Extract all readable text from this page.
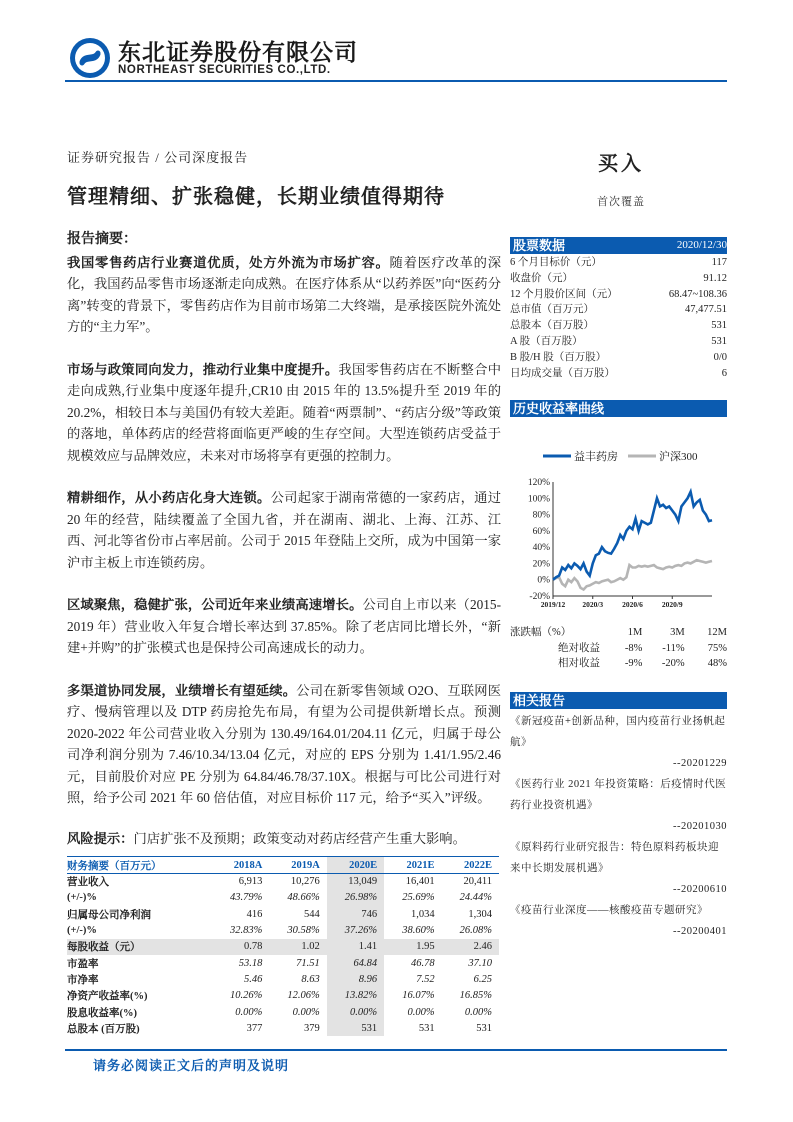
东北证券股份有限公司
NORTHEAST SECURITIES CO.,LTD.
证券研究报告 / 公司深度报告	买入
管理精细、扩张稳健，长期业绩值得期待	首次覆盖
报告摘要：

我国零售药店行业赛道优质，处方外流为市场扩容。随着医疗改革的深化，我国药品零售市场逐渐走向成熟。在医疗体系从“以药养医”向“医药分离”转变的背景下，零售药店作为目前市场第二大终端，是承接医院外流处方的“主力军”。

市场与政策同向发力，推动行业集中度提升。我国零售药店在不断整合中走向成熟,行业集中度逐年提升,CR10 由 2015 年的 13.5%提升至 2019 年的 20.2%，相较日本与美国仍有较大差距。随着“两票制”、“药店分级”等政策的落地，单体药店的经营将面临更严峻的生存空间。大型连锁药店受益于规模效应与品牌效应，未来对市场将享有更强的控制力。

精耕细作，从小药店化身大连锁。公司起家于湖南常德的一家药店，通过 20 年的经营，陆续覆盖了全国九省，并在湖南、湖北、上海、江苏、江西、河北等省份市占率居前。公司于 2015 年登陆上交所，成为中国第一家沪市主板上市连锁药房。

区域聚焦，稳健扩张，公司近年来业绩高速增长。公司自上市以来（2015-2019 年）营业收入年复合增长率达到 37.85%。除了老店同比增长外，“新建+并购”的扩张模式也是保持公司高速成长的动力。

多渠道协同发展，业绩增长有望延续。公司在新零售领域 O2O、互联网医疗、慢病管理以及 DTP 药房抢先布局，有望为公司提供新增长点。预测 2020-2022 年公司营业收入分别为 130.49/164.01/204.11 亿元，归属于母公司净利润分别为 7.46/10.34/13.04 亿元，对应的 EPS 分别为 1.41/1.95/2.46 元，目前股价对应 PE 分别为 64.84/46.78/37.10X。根据与可比公司进行对照，给予公司 2021 年 60 倍估值，对应目标价 117 元，给予“买入”评级。

风险提示：门店扩张不及预期；政策变动对药店经营产生重大影响。
财务摘要（百万元）	2018A	2019A	2020E	2021E	2022E
营业收入	6,913	10,276	13,049	16,401	20,411
(+/-)%	43.79%	48.66%	26.98%	25.69%	24.44%
归属母公司净利润	416	544	746	1,034	1,304
(+/-)%	32.83%	30.58%	37.26%	38.60%	26.08%
每股收益（元）	0.78	1.02	1.41	1.95	2.46
市盈率	53.18	71.51	64.84	46.78	37.10
市净率	5.46	8.63	8.96	7.52	6.25
净资产收益率(%)	10.26%	12.06%	13.82%	16.07%	16.85%
股息收益率(%)	0.00%	0.00%	0.00%	0.00%	0.00%
总股本 (百万股)	377	379	531	531	531
股票数据	2020/12/30
6 个月目标价（元）	117
收盘价（元）	91.12
12 个月股价区间（元）	68.47~108.36
总市值（百万元）	47,477.51
总股本（百万股）	531
A 股（百万股）	531
B 股/H 股（百万股）	0/0
日均成交量（百万股）	6
历史收益率曲线
-20%
0%
20%
40%
60%
80%
100%
120%
2019/12 2020/3	2020/6	2020/9
益丰药房	沪深300
涨跌幅（%）	1M	3M	12M
绝对收益	-8%	-11%	75%
相对收益	-9%	-20%	48%
相关报告
《新冠疫苗+创新品种，国内疫苗行业扬帆起航》
--20201229
《医药行业 2021 年投资策略：后疫情时代医药行业投资机遇》
--20201030
《原料药行业研究报告：特色原料药板块迎来中长期发展机遇》
--20200610
《疫苗行业深度——核酸疫苗专题研究》
--20200401
请务必阅读正文后的声明及说明
